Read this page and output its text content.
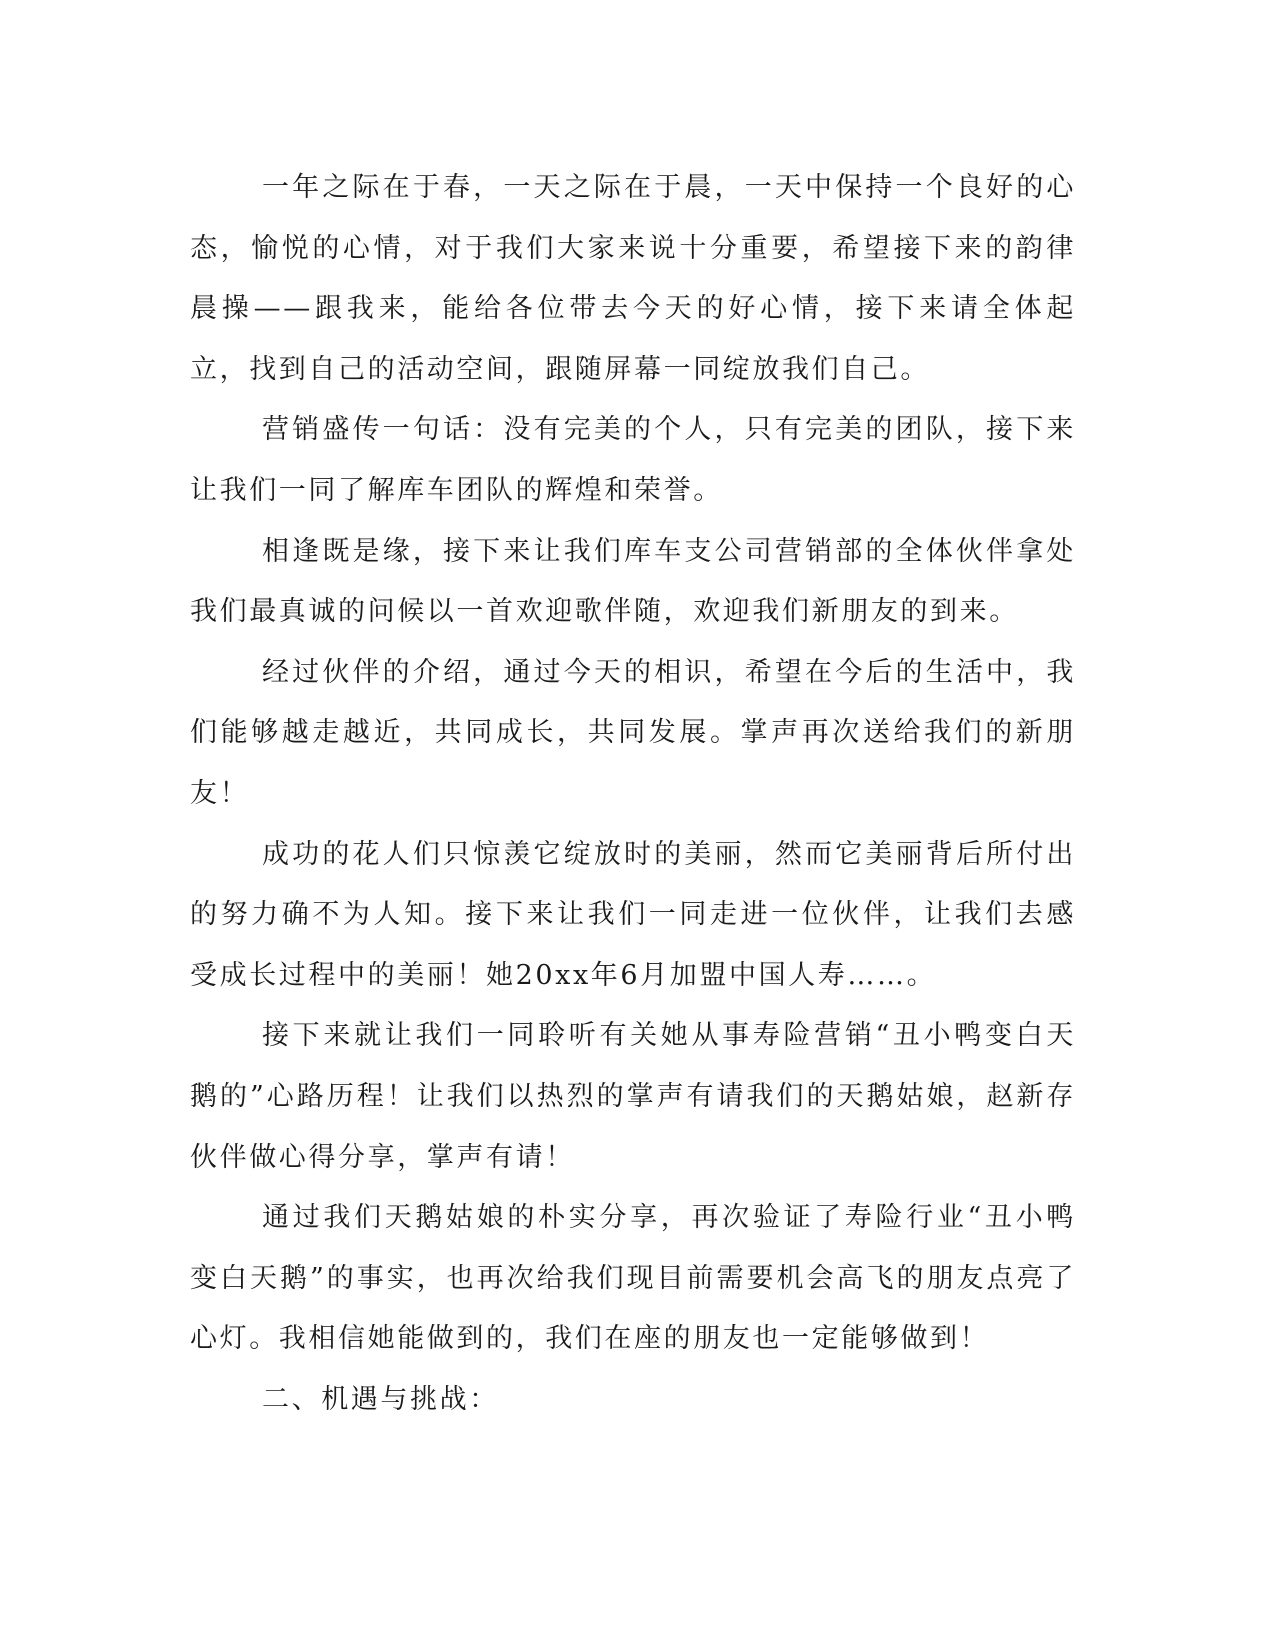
一年之际在于春，一天之际在于晨，一天中保持一个良好的心态，愉悦的心情，对于我们大家来说十分重要，希望接下来的韵律晨操——跟我来，能给各位带去今天的好心情，接下来请全体起立，找到自己的活动空间，跟随屏幕一同绽放我们自己。

营销盛传一句话：没有完美的个人，只有完美的团队，接下来让我们一同了解库车团队的辉煌和荣誉。

相逢既是缘，接下来让我们库车支公司营销部的全体伙伴拿处我们最真诚的问候以一首欢迎歌伴随，欢迎我们新朋友的到来。

经过伙伴的介绍，通过今天的相识，希望在今后的生活中，我们能够越走越近，共同成长，共同发展。掌声再次送给我们的新朋友！

成功的花人们只惊羡它绽放时的美丽，然而它美丽背后所付出的努力确不为人知。接下来让我们一同走进一位伙伴，让我们去感受成长过程中的美丽！她20xx年6月加盟中国人寿……。

接下来就让我们一同聆听有关她从事寿险营销“丑小鸭变白天鹅的”心路历程！让我们以热烈的掌声有请我们的天鹅姑娘，赵新存伙伴做心得分享，掌声有请！

通过我们天鹅姑娘的朴实分享，再次验证了寿险行业“丑小鸭变白天鹅”的事实，也再次给我们现目前需要机会高飞的朋友点亮了心灯。我相信她能做到的，我们在座的朋友也一定能够做到！

二、机遇与挑战：
